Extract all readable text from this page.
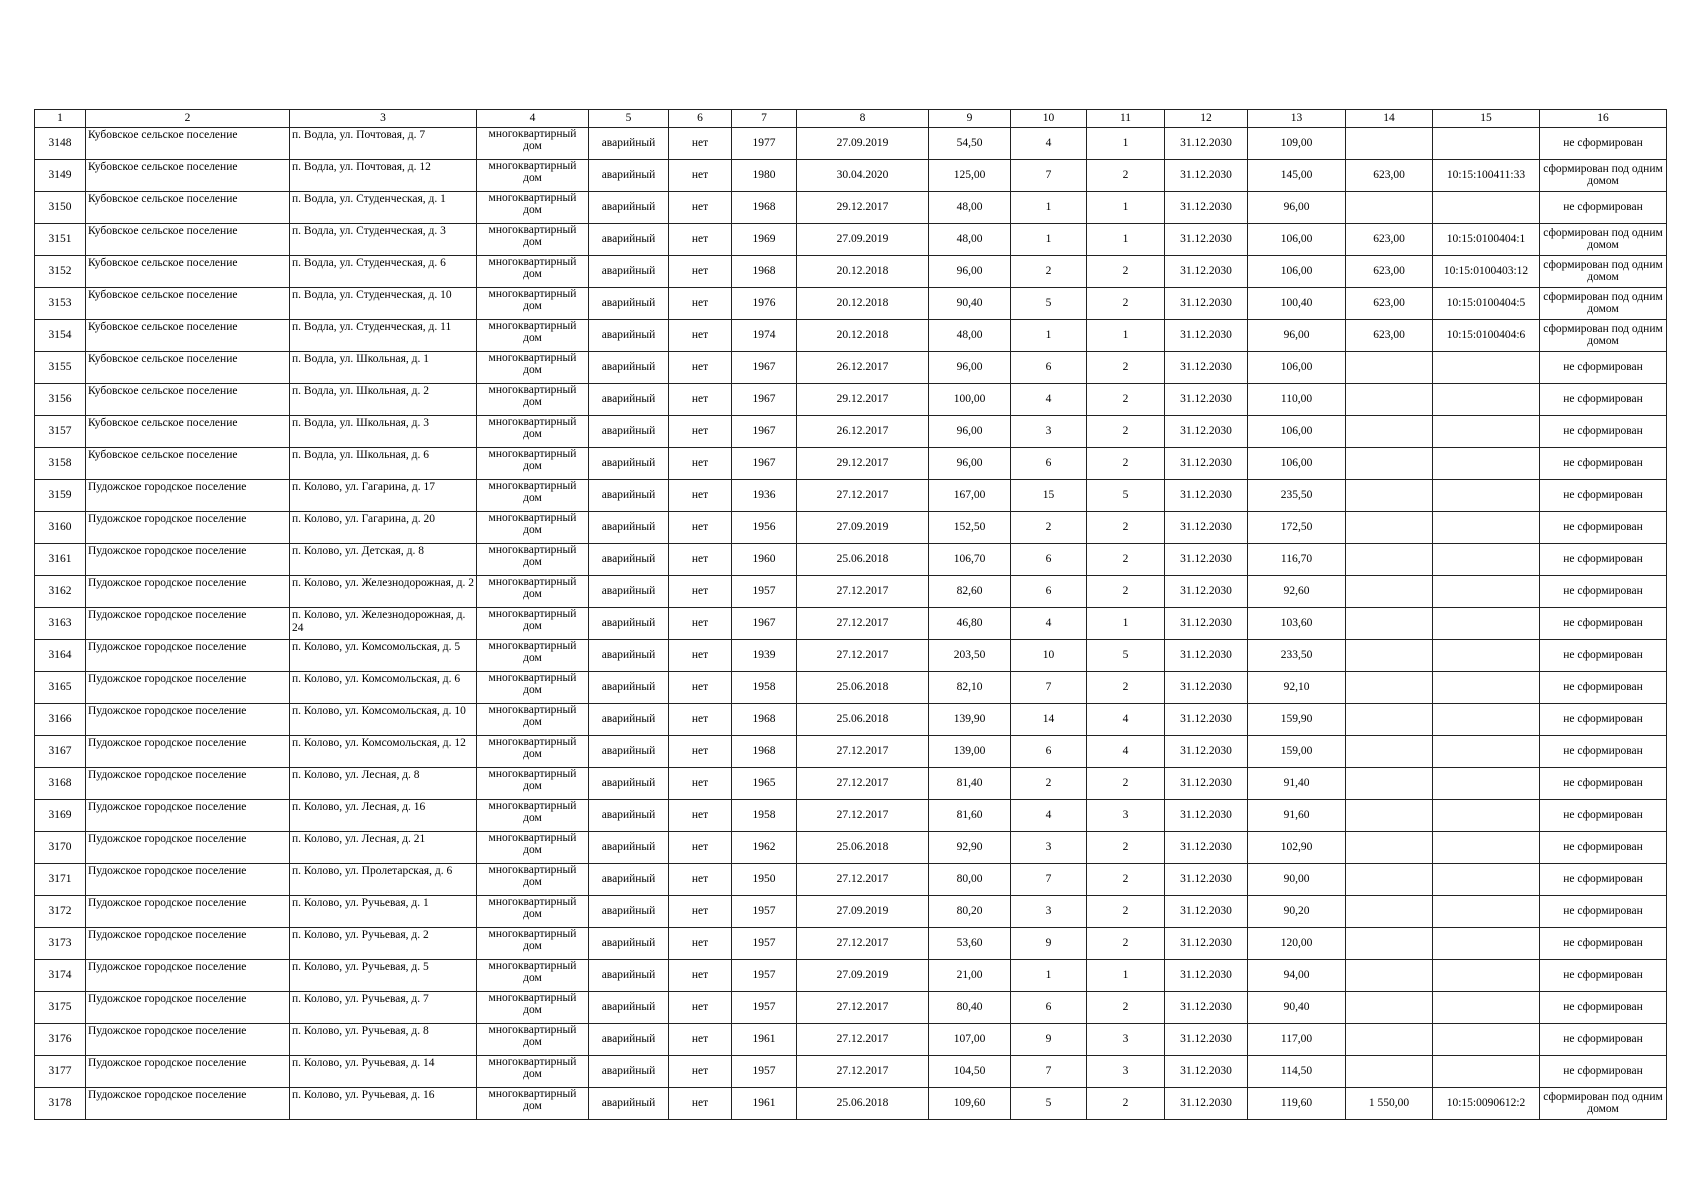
1	2	3	4	5	6	7	8	9	10	11	12	13	14	15	16
3148	Кубовское сельское поселение	п. Водла, ул. Почтовая, д. 7	многоквартирный дом	аварийный	нет	1977	27.09.2019	54,50	4	1	31.12.2030	109,00			не сформирован
3149	Кубовское сельское поселение	п. Водла, ул. Почтовая, д. 12	многоквартирный дом	аварийный	нет	1980	30.04.2020	125,00	7	2	31.12.2030	145,00	623,00	10:15:100411:33	сформирован под одним домом
3150	Кубовское сельское поселение	п. Водла, ул. Студенческая, д. 1	многоквартирный дом	аварийный	нет	1968	29.12.2017	48,00	1	1	31.12.2030	96,00			не сформирован
3151	Кубовское сельское поселение	п. Водла, ул. Студенческая, д. 3	многоквартирный дом	аварийный	нет	1969	27.09.2019	48,00	1	1	31.12.2030	106,00	623,00	10:15:0100404:1	сформирован под одним домом
3152	Кубовское сельское поселение	п. Водла, ул. Студенческая, д. 6	многоквартирный дом	аварийный	нет	1968	20.12.2018	96,00	2	2	31.12.2030	106,00	623,00	10:15:0100403:12	сформирован под одним домом
3153	Кубовское сельское поселение	п. Водла, ул. Студенческая, д. 10	многоквартирный дом	аварийный	нет	1976	20.12.2018	90,40	5	2	31.12.2030	100,40	623,00	10:15:0100404:5	сформирован под одним домом
3154	Кубовское сельское поселение	п. Водла, ул. Студенческая, д. 11	многоквартирный дом	аварийный	нет	1974	20.12.2018	48,00	1	1	31.12.2030	96,00	623,00	10:15:0100404:6	сформирован под одним домом
3155	Кубовское сельское поселение	п. Водла, ул. Школьная, д. 1	многоквартирный дом	аварийный	нет	1967	26.12.2017	96,00	6	2	31.12.2030	106,00			не сформирован
3156	Кубовское сельское поселение	п. Водла, ул. Школьная, д. 2	многоквартирный дом	аварийный	нет	1967	29.12.2017	100,00	4	2	31.12.2030	110,00			не сформирован
3157	Кубовское сельское поселение	п. Водла, ул. Школьная, д. 3	многоквартирный дом	аварийный	нет	1967	26.12.2017	96,00	3	2	31.12.2030	106,00			не сформирован
3158	Кубовское сельское поселение	п. Водла, ул. Школьная, д. 6	многоквартирный дом	аварийный	нет	1967	29.12.2017	96,00	6	2	31.12.2030	106,00			не сформирован
3159	Пудожское городское поселение	п. Колово, ул. Гагарина, д. 17	многоквартирный дом	аварийный	нет	1936	27.12.2017	167,00	15	5	31.12.2030	235,50			не сформирован
3160	Пудожское городское поселение	п. Колово, ул. Гагарина, д. 20	многоквартирный дом	аварийный	нет	1956	27.09.2019	152,50	2	2	31.12.2030	172,50			не сформирован
3161	Пудожское городское поселение	п. Колово, ул. Детская, д. 8	многоквартирный дом	аварийный	нет	1960	25.06.2018	106,70	6	2	31.12.2030	116,70			не сформирован
3162	Пудожское городское поселение	п. Колово, ул. Железнодорожная, д. 2	многоквартирный дом	аварийный	нет	1957	27.12.2017	82,60	6	2	31.12.2030	92,60			не сформирован
3163	Пудожское городское поселение	п. Колово, ул. Железнодорожная, д. 24	многоквартирный дом	аварийный	нет	1967	27.12.2017	46,80	4	1	31.12.2030	103,60			не сформирован
3164	Пудожское городское поселение	п. Колово, ул. Комсомольская, д. 5	многоквартирный дом	аварийный	нет	1939	27.12.2017	203,50	10	5	31.12.2030	233,50			не сформирован
3165	Пудожское городское поселение	п. Колово, ул. Комсомольская, д. 6	многоквартирный дом	аварийный	нет	1958	25.06.2018	82,10	7	2	31.12.2030	92,10			не сформирован
3166	Пудожское городское поселение	п. Колово, ул. Комсомольская, д. 10	многоквартирный дом	аварийный	нет	1968	25.06.2018	139,90	14	4	31.12.2030	159,90			не сформирован
3167	Пудожское городское поселение	п. Колово, ул. Комсомольская, д. 12	многоквартирный дом	аварийный	нет	1968	27.12.2017	139,00	6	4	31.12.2030	159,00			не сформирован
3168	Пудожское городское поселение	п. Колово, ул. Лесная, д. 8	многоквартирный дом	аварийный	нет	1965	27.12.2017	81,40	2	2	31.12.2030	91,40			не сформирован
3169	Пудожское городское поселение	п. Колово, ул. Лесная, д. 16	многоквартирный дом	аварийный	нет	1958	27.12.2017	81,60	4	3	31.12.2030	91,60			не сформирован
3170	Пудожское городское поселение	п. Колово, ул. Лесная, д. 21	многоквартирный дом	аварийный	нет	1962	25.06.2018	92,90	3	2	31.12.2030	102,90			не сформирован
3171	Пудожское городское поселение	п. Колово, ул. Пролетарская, д. 6	многоквартирный дом	аварийный	нет	1950	27.12.2017	80,00	7	2	31.12.2030	90,00			не сформирован
3172	Пудожское городское поселение	п. Колово, ул. Ручьевая, д. 1	многоквартирный дом	аварийный	нет	1957	27.09.2019	80,20	3	2	31.12.2030	90,20			не сформирован
3173	Пудожское городское поселение	п. Колово, ул. Ручьевая, д. 2	многоквартирный дом	аварийный	нет	1957	27.12.2017	53,60	9	2	31.12.2030	120,00			не сформирован
3174	Пудожское городское поселение	п. Колово, ул. Ручьевая, д. 5	многоквартирный дом	аварийный	нет	1957	27.09.2019	21,00	1	1	31.12.2030	94,00			не сформирован
3175	Пудожское городское поселение	п. Колово, ул. Ручьевая, д. 7	многоквартирный дом	аварийный	нет	1957	27.12.2017	80,40	6	2	31.12.2030	90,40			не сформирован
3176	Пудожское городское поселение	п. Колово, ул. Ручьевая, д. 8	многоквартирный дом	аварийный	нет	1961	27.12.2017	107,00	9	3	31.12.2030	117,00			не сформирован
3177	Пудожское городское поселение	п. Колово, ул. Ручьевая, д. 14	многоквартирный дом	аварийный	нет	1957	27.12.2017	104,50	7	3	31.12.2030	114,50			не сформирован
3178	Пудожское городское поселение	п. Колово, ул. Ручьевая, д. 16	многоквартирный дом	аварийный	нет	1961	25.06.2018	109,60	5	2	31.12.2030	119,60	1 550,00	10:15:0090612:2	сформирован под одним домом
